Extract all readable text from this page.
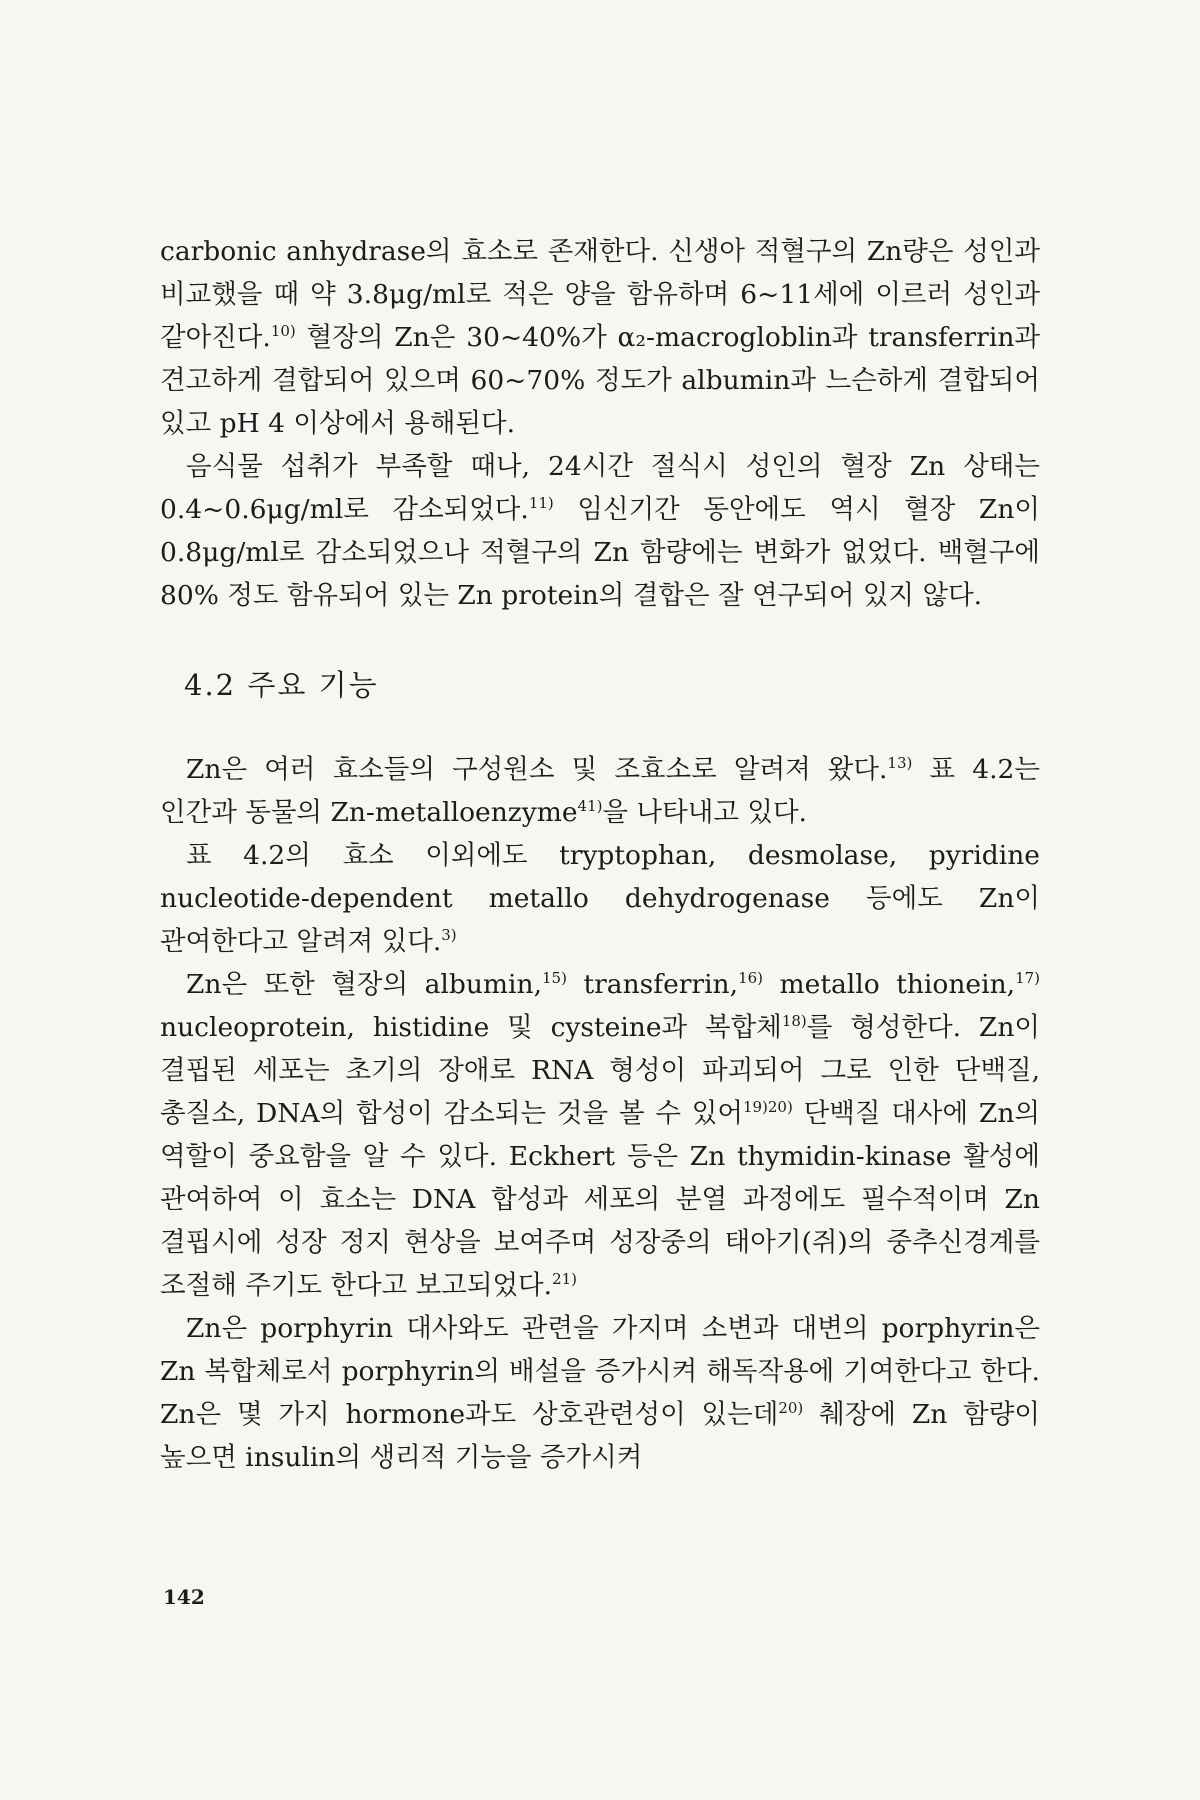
carbonic anhydrase의 효소로 존재한다. 신생아 적혈구의 Zn량은 성인과 비교했을 때 약 3.8μg/ml로 적은 양을 함유하며 6~11세에 이르러 성인과 같아진다.$^{10)}$ 혈장의 Zn은 30~40%가 α₂-macrogloblin과 transferrin과 견고하게 결합되어 있으며 60~70% 정도가 albumin과 느슨하게 결합되어 있고 pH 4 이상에서 용해된다.

음식물 섭취가 부족할 때나, 24시간 절식시 성인의 혈장 Zn 상태는 0.4~0.6μg/ml로 감소되었다.$^{11)}$ 임신기간 동안에도 역시 혈장 Zn이 0.8μg/ml로 감소되었으나 적혈구의 Zn 함량에는 변화가 없었다. 백혈구에 80% 정도 함유되어 있는 Zn protein의 결합은 잘 연구되어 있지 않다.

4.2 주요 기능

Zn은 여러 효소들의 구성원소 및 조효소로 알려져 왔다.$^{13)}$ 표 4.2는 인간과 동물의 Zn-metalloenzyme$^{41)}$을 나타내고 있다.

표 4.2의 효소 이외에도 tryptophan, desmolase, pyridine nucleotide-dependent metallo dehydrogenase 등에도 Zn이 관여한다고 알려져 있다.$^{3)}$

Zn은 또한 혈장의 albumin,$^{15)}$ transferrin,$^{16)}$ metallo thionein,$^{17)}$ nucleoprotein, histidine 및 cysteine과 복합체$^{18)}$를 형성한다. Zn이 결핍된 세포는 초기의 장애로 RNA 형성이 파괴되어 그로 인한 단백질, 총질소, DNA의 합성이 감소되는 것을 볼 수 있어$^{19)20)}$ 단백질 대사에 Zn의 역할이 중요함을 알 수 있다. Eckhert 등은 Zn thymidin-kinase 활성에 관여하여 이 효소는 DNA 합성과 세포의 분열 과정에도 필수적이며 Zn 결핍시에 성장 정지 현상을 보여주며 성장중의 태아기(쥐)의 중추신경계를 조절해 주기도 한다고 보고되었다.$^{21)}$

Zn은 porphyrin 대사와도 관련을 가지며 소변과 대변의 porphyrin은 Zn 복합체로서 porphyrin의 배설을 증가시켜 해독작용에 기여한다고 한다. Zn은 몇 가지 hormone과도 상호관련성이 있는데$^{20)}$ 췌장에 Zn 함량이 높으면 insulin의 생리적 기능을 증가시켜

142
